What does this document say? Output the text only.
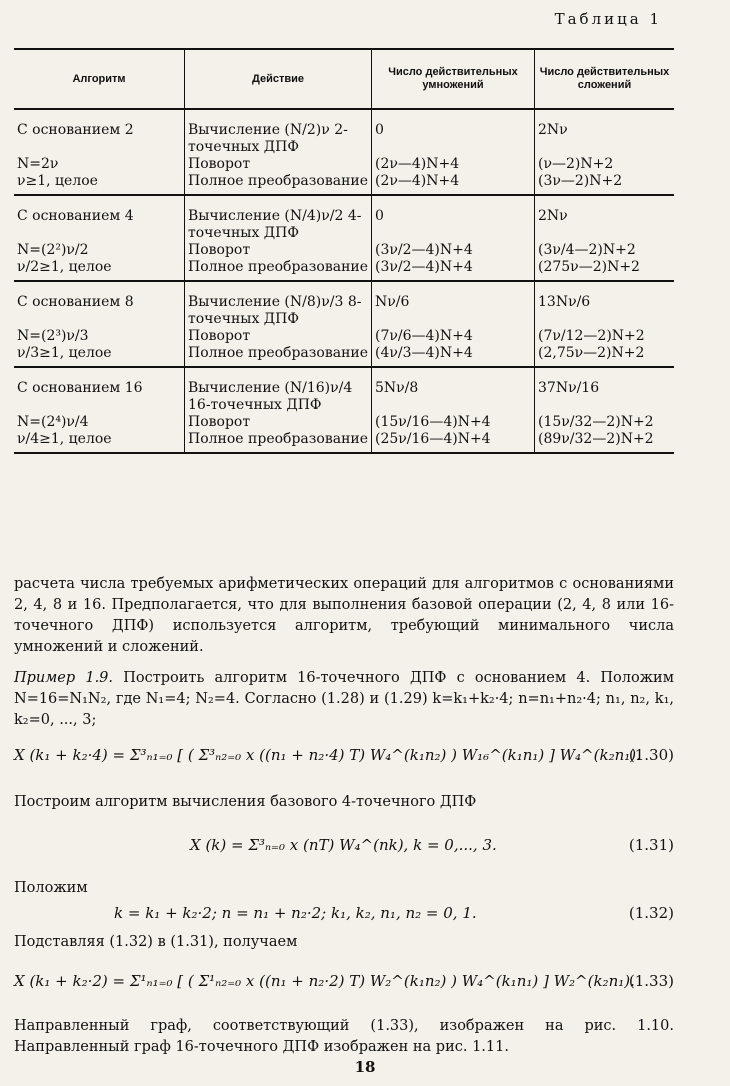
Таблица 1
Алгоритм	Действие	Число действительных умножений	Число действительных сложений
С основанием 2	Вычисление (N/2)ν 2-точечных ДПФ	0	2Nν
N=2ν	Поворот	(2ν—4)N+4	(ν—2)N+2
ν≥1, целое	Полное преобразование	(2ν—4)N+4	(3ν—2)N+2
С основанием 4	Вычисление (N/4)ν/2 4-точечных ДПФ	0	2Nν
N=(2²)ν/2	Поворот	(3ν/2—4)N+4	(3ν/4—2)N+2
ν/2≥1, целое	Полное преобразование	(3ν/2—4)N+4	(275ν—2)N+2
С основанием 8	Вычисление (N/8)ν/3 8-точечных ДПФ	Nν/6	13Nν/6
N=(2³)ν/3	Поворот	(7ν/6—4)N+4	(7ν/12—2)N+2
ν/3≥1, целое	Полное преобразование	(4ν/3—4)N+4	(2,75ν—2)N+2
С основанием 16	Вычисление (N/16)ν/4 16-точечных ДПФ	5Nν/8	37Nν/16
N=(2⁴)ν/4	Поворот	(15ν/16—4)N+4	(15ν/32—2)N+2
ν/4≥1, целое	Полное преобразование	(25ν/16—4)N+4	(89ν/32—2)N+2
расчета числа требуемых арифметических операций для алгоритмов с основаниями 2, 4, 8 и 16. Предполагается, что для выполнения базовой операции (2, 4, 8 или 16-точечного ДПФ) используется алгоритм, требующий минимального числа умножений и сложений.
Пример 1.9. Построить алгоритм 16-точечного ДПФ с основанием 4. Положим N=16=N₁N₂, где N₁=4; N₂=4. Согласно (1.28) и (1.29) k=k₁+k₂·4; n=n₁+n₂·4; n₁, n₂, k₁, k₂=0, ..., 3;
X (k₁ + k₂·4) = Σ³ₙ₁₌₀ [ ( Σ³ₙ₂₌₀ x ((n₁ + n₂·4) T) W₄^(k₁n₂) ) W₁₆^(k₁n₁) ] W₄^(k₂n₁).
(1.30)
Построим алгоритм вычисления базового 4-точечного ДПФ
X (k) = Σ³ₙ₌₀ x (nT) W₄^(nk), k = 0,..., 3.	(1.31)
Положим
k = k₁ + k₂·2; n = n₁ + n₂·2; k₁, k₂, n₁, n₂ = 0, 1.	(1.32)
Подставляя (1.32) в (1.31), получаем
X (k₁ + k₂·2) = Σ¹ₙ₁₌₀ [ ( Σ¹ₙ₂₌₀ x ((n₁ + n₂·2) T) W₂^(k₁n₂) ) W₄^(k₁n₁) ] W₂^(k₂n₁).
(1.33)
Направленный граф, соответствующий (1.33), изображен на рис. 1.10. Направленный граф 16-точечного ДПФ изображен на рис. 1.11.
18
